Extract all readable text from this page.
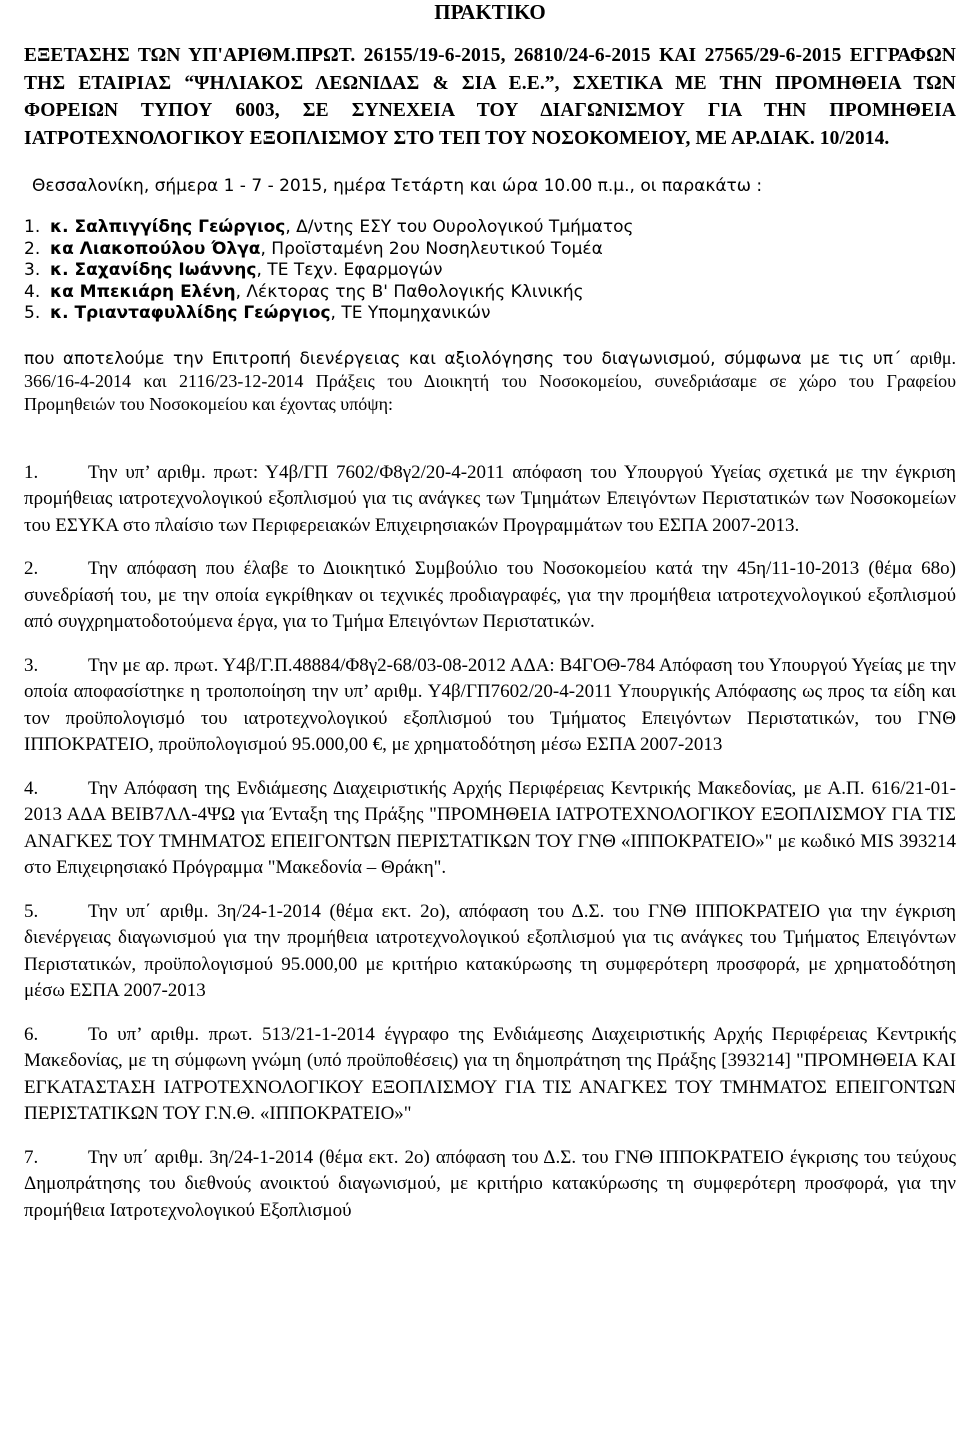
ΠΡΑΚΤΙΚΟ

ΕΞΕΤΑΣΗΣ ΤΩΝ ΥΠ'ΑΡΙΘΜ.ΠΡΩΤ. 26155/19-6-2015, 26810/24-6-2015 ΚΑΙ 27565/29-6-2015 ΕΓΓΡΑΦΩΝ ΤΗΣ ΕΤΑΙΡΙΑΣ “ΨΗΛΙΑΚΟΣ ΛΕΩΝΙΔΑΣ & ΣΙΑ Ε.Ε.”, ΣΧΕΤΙΚΑ ΜΕ ΤΗΝ ΠΡΟΜΗΘΕΙΑ ΤΩΝ ΦΟΡΕΙΩΝ ΤΥΠΟΥ 6003, ΣΕ ΣΥΝΕΧΕΙΑ ΤΟΥ ΔΙΑΓΩΝΙΣΜΟΥ ΓΙΑ ΤΗΝ ΠΡΟΜΗΘΕΙΑ ΙΑΤΡΟΤΕΧΝΟΛΟΓΙΚΟΥ ΕΞΟΠΛΙΣΜΟΥ ΣΤΟ ΤΕΠ ΤΟΥ ΝΟΣΟΚΟΜΕΙΟΥ, ΜΕ ΑΡ.ΔΙΑΚ. 10/2014.

Θεσσαλονίκη, σήμερα 1 - 7 - 2015, ημέρα Τετάρτη και ώρα 10.00 π.μ., οι παρακάτω :

1. κ. Σαλπιγγίδης Γεώργιος, Δ/ντης ΕΣΥ του Ουρολογικού Τμήματος
2. κα Λιακοπούλου Όλγα, Προϊσταμένη 2ου Νοσηλευτικού Τομέα
3. κ. Σαχανίδης Ιωάννης, ΤΕ Τεχν. Εφαρμογών
4. κα Μπεκιάρη Ελένη, Λέκτορας της Β' Παθολογικής Κλινικής
5. κ. Τριανταφυλλίδης Γεώργιος, ΤΕ Υπομηχανικών

που αποτελούμε την Επιτροπή διενέργειας και αξιολόγησης του διαγωνισμού, σύμφωνα με τις υπ΄ αριθμ. 366/16-4-2014 και 2116/23-12-2014 Πράξεις του Διοικητή του Νοσοκομείου, συνεδριάσαμε σε χώρο του Γραφείου Προμηθειών του Νοσοκομείου και έχοντας υπόψη:

1.	Την υπ’ αριθμ. πρωτ: Υ4β/ΓΠ 7602/Φ8γ2/20-4-2011 απόφαση του Υπουργού Υγείας σχετικά με την έγκριση προμήθειας ιατροτεχνολογικού εξοπλισμού για τις ανάγκες των Τμημάτων Επειγόντων Περιστατικών των Νοσοκομείων του ΕΣΥΚΑ στο πλαίσιο των Περιφερειακών Επιχειρησιακών Προγραμμάτων του ΕΣΠΑ 2007-2013.
2.	Την απόφαση που έλαβε το Διοικητικό Συμβούλιο του Νοσοκομείου κατά την 45η/11-10-2013 (θέμα 68ο) συνεδρίασή του, με την οποία εγκρίθηκαν οι τεχνικές προδιαγραφές, για την προμήθεια ιατροτεχνολογικού εξοπλισμού από συγχρηματοδοτούμενα έργα, για το Τμήμα Επειγόντων Περιστατικών.
3.	Την με αρ. πρωτ. Υ4β/Γ.Π.48884/Φ8γ2-68/03-08-2012 ΑΔΑ: Β4ΓΟΘ-784 Απόφαση του Υπουργού Υγείας με την οποία αποφασίστηκε η τροποποίηση την υπ’ αριθμ. Υ4β/ΓΠ7602/20-4-2011 Υπουργικής Απόφασης ως προς τα είδη και τον προϋπολογισμό του ιατροτεχνολογικού εξοπλισμού του Τμήματος Επειγόντων Περιστατικών, του ΓΝΘ ΙΠΠΟΚΡΑΤΕΙΟ, προϋπολογισμού 95.000,00 €, με χρηματοδότηση μέσω ΕΣΠΑ 2007-2013
4.	Την Απόφαση της Ενδιάμεσης Διαχειριστικής Αρχής Περιφέρειας Κεντρικής Μακεδονίας, με Α.Π. 616/21-01-2013 ΑΔΑ ΒΕΙΒ7ΛΛ-4ΨΩ για Ένταξη της Πράξης "ΠΡΟΜΗΘΕΙΑ ΙΑΤΡΟΤΕΧΝΟΛΟΓΙΚΟΥ ΕΞΟΠΛΙΣΜΟΥ ΓΙΑ ΤΙΣ ΑΝΑΓΚΕΣ ΤΟΥ ΤΜΗΜΑΤΟΣ ΕΠΕΙΓΟΝΤΩΝ ΠΕΡΙΣΤΑΤΙΚΩΝ ΤΟΥ ΓΝΘ «ΙΠΠΟΚΡΑΤΕΙΟ»" με κωδικό MIS 393214 στο Επιχειρησιακό Πρόγραμμα "Μακεδονία – Θράκη".
5.	Την υπ΄ αριθμ. 3η/24-1-2014 (θέμα εκτ. 2ο), απόφαση του Δ.Σ. του ΓΝΘ ΙΠΠΟΚΡΑΤΕΙΟ για την έγκριση διενέργειας διαγωνισμού για την προμήθεια ιατροτεχνολογικού εξοπλισμού για τις ανάγκες του Τμήματος Επειγόντων Περιστατικών, προϋπολογισμού 95.000,00 με κριτήριο κατακύρωσης τη συμφερότερη προσφορά, με χρηματοδότηση μέσω ΕΣΠΑ 2007-2013
6.	Το υπ’ αριθμ. πρωτ. 513/21-1-2014 έγγραφο της Ενδιάμεσης Διαχειριστικής Αρχής Περιφέρειας Κεντρικής Μακεδονίας, με τη σύμφωνη γνώμη (υπό προϋποθέσεις) για τη δημοπράτηση της Πράξης [393214] "ΠΡΟΜΗΘΕΙΑ ΚΑΙ ΕΓΚΑΤΑΣΤΑΣΗ ΙΑΤΡΟΤΕΧΝΟΛΟΓΙΚΟΥ ΕΞΟΠΛΙΣΜΟΥ ΓΙΑ ΤΙΣ ΑΝΑΓΚΕΣ ΤΟΥ ΤΜΗΜΑΤΟΣ ΕΠΕΙΓΟΝΤΩΝ ΠΕΡΙΣΤΑΤΙΚΩΝ ΤΟΥ Γ.Ν.Θ. «ΙΠΠΟΚΡΑΤΕΙΟ»"
7.	Την υπ΄ αριθμ. 3η/24-1-2014 (θέμα εκτ. 2ο) απόφαση του Δ.Σ. του ΓΝΘ ΙΠΠΟΚΡΑΤΕΙΟ έγκρισης του τεύχους Δημοπράτησης του διεθνούς ανοικτού διαγωνισμού, με κριτήριο κατακύρωσης τη συμφερότερη προσφορά, για την προμήθεια Ιατροτεχνολογικού Εξοπλισμού
